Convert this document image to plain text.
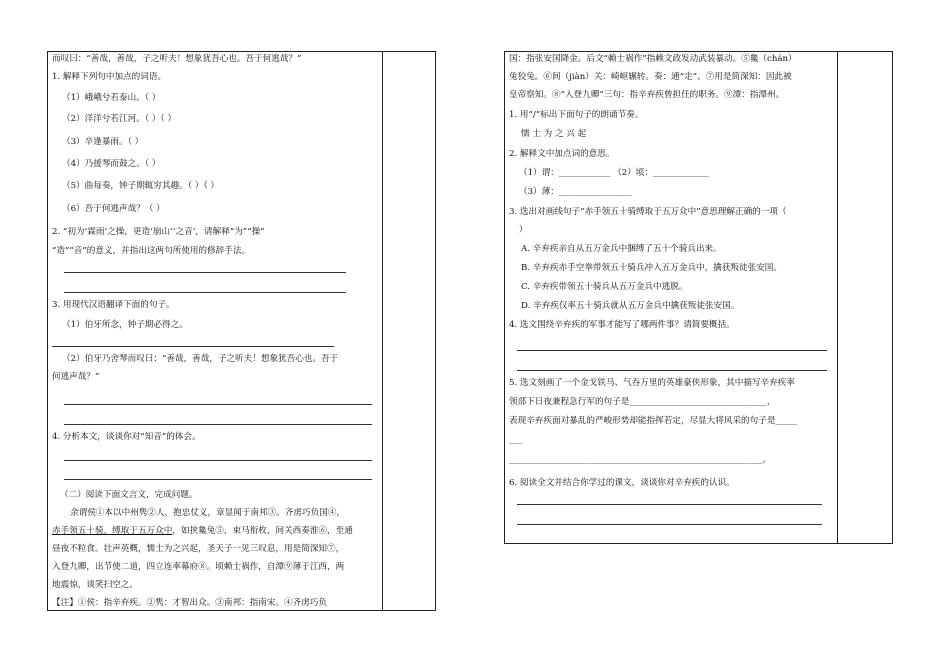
而叹曰：“善哉，善哉，子之听夫！想象犹吾心也。吾于何逃哉？”
1. 解释下列句中加点的词语。
（1）峨峨兮若泰山。（ ）
（2）洋洋兮若江河。（ ）（ ）
（3）卒逢暴雨。（ ）
（4）乃援琴而鼓之。（ ）
（5）曲每奏，钟子期辄穷其趣。（ ）（ ）
（6）吾于何逃声哉？（ ）
2. “初为‘霖雨’之操，更造‘崩山’‘之音’，请解释“为”“操”
“造”“音”的意义，并指出这两句所使用的修辞手法。
3. 用现代汉语翻译下面的句子。
（1）伯牙所念，钟子期必得之。
（2）伯牙乃舍琴而叹曰：“善哉，善哉，子之听夫！想象犹吾心也。吾于
何逃声哉？”
4. 分析本文，谈谈你对“知音”的体会。
（二）阅读下面文言文，完成问题。
余谓侯①本以中州隽②人，抱忠仗义，章显闻于南邦③。齐虏巧负国④，
赤手领五十骑，缚取于五万众中，如挟毚兔⑤，束马衔枚，间关西奏淮⑥，至通
昼夜不粒食。壮声英概，懦士为之兴起，圣天子一见三叹息，用是简深知⑦，
入登九卿，出节使二道，四立连率幕府⑧。顷赖士祸作，自潭⑨薄于江西，两
地震惊，谈笑扫空之。
【注】①侯：指辛弃疾。②隽：才智出众。③南邦：指南宋。④齐虏巧负
国：指张安国降金。后文“赖士祸作”指赖文政发动武装暴动。⑤毚（chán）
兔狡兔。⑥间（jiàn）关：崎岖辗转。奏：通“走”。⑦用是简深知：因此被
皇帝察知。⑧“入登九卿”三句：指辛弃疾曾担任的职务。⑨潭：指潭州。
1. 用“/”标出下面句子的朗诵节奏。
懦 士 为 之 兴 起
2. 解释文中加点词的意思。
（1）谓：____________ （2）顷：_____________
（3）薄：_________________
3. 选出对画线句子“赤手领五十骑缚取于五万众中”意思理解正确的一项（
）
A. 辛弃疾亲自从五万金兵中捆缚了五十个骑兵出来。
B. 辛弃疾赤手空拳带领五十骑兵冲入五万金兵中，擒获叛徒张安国。
C. 辛弃疾带领五十骑兵从五万金兵中逃脱。
D. 辛弃疾仅率五十骑兵就从五万金兵中擒获叛徒张安国。
4. 选文围绕辛弃疾的军事才能写了哪两件事？请简要概括。
5. 选文刻画了一个金戈铁马、气吞万里的英雄豪侠形象，其中描写辛弃疾率
领部下日夜兼程急行军的句子是________________________________，
表现辛弃疾面对暴乱的严峻形势却能指挥若定，尽显大将风采的句子是_____
___
___________________________________________________________。
6. 阅读全文并结合你学过的课文，谈谈你对辛弃疾的认识。
